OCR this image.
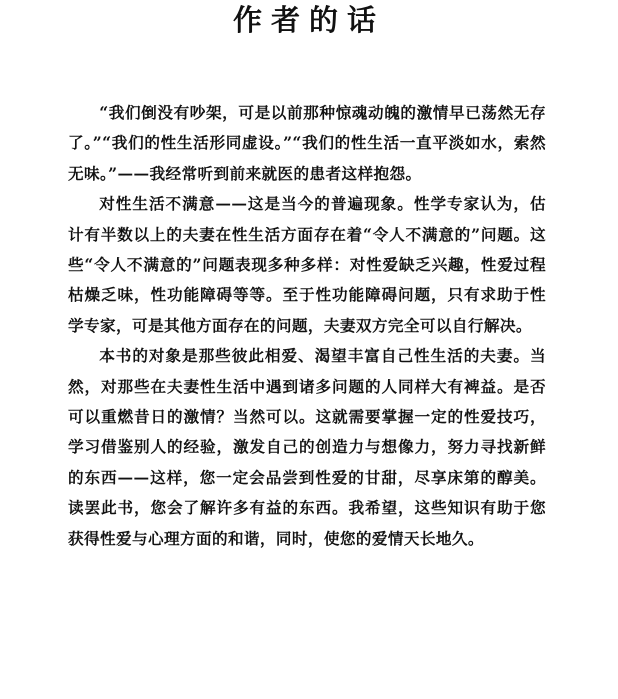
作者的话

“我们倒没有吵架，可是以前那种惊魂动魄的激情早已荡然无存了。”“我们的性生活形同虚设。”“我们的性生活一直平淡如水，索然无味。”——我经常听到前来就医的患者这样抱怨。

对性生活不满意——这是当今的普遍现象。性学专家认为，估计有半数以上的夫妻在性生活方面存在着“令人不满意的”问题。这些“令人不满意的”问题表现多种多样：对性爱缺乏兴趣，性爱过程枯燥乏味，性功能障碍等等。至于性功能障碍问题，只有求助于性学专家，可是其他方面存在的问题，夫妻双方完全可以自行解决。

本书的对象是那些彼此相爱、渴望丰富自己性生活的夫妻。当然，对那些在夫妻性生活中遇到诸多问题的人同样大有裨益。是否可以重燃昔日的激情？当然可以。这就需要掌握一定的性爱技巧，学习借鉴别人的经验，激发自己的创造力与想像力，努力寻找新鲜的东西——这样，您一定会品尝到性爱的甘甜，尽享床第的醇美。读罢此书，您会了解许多有益的东西。我希望，这些知识有助于您获得性爱与心理方面的和谐，同时，使您的爱情天长地久。
